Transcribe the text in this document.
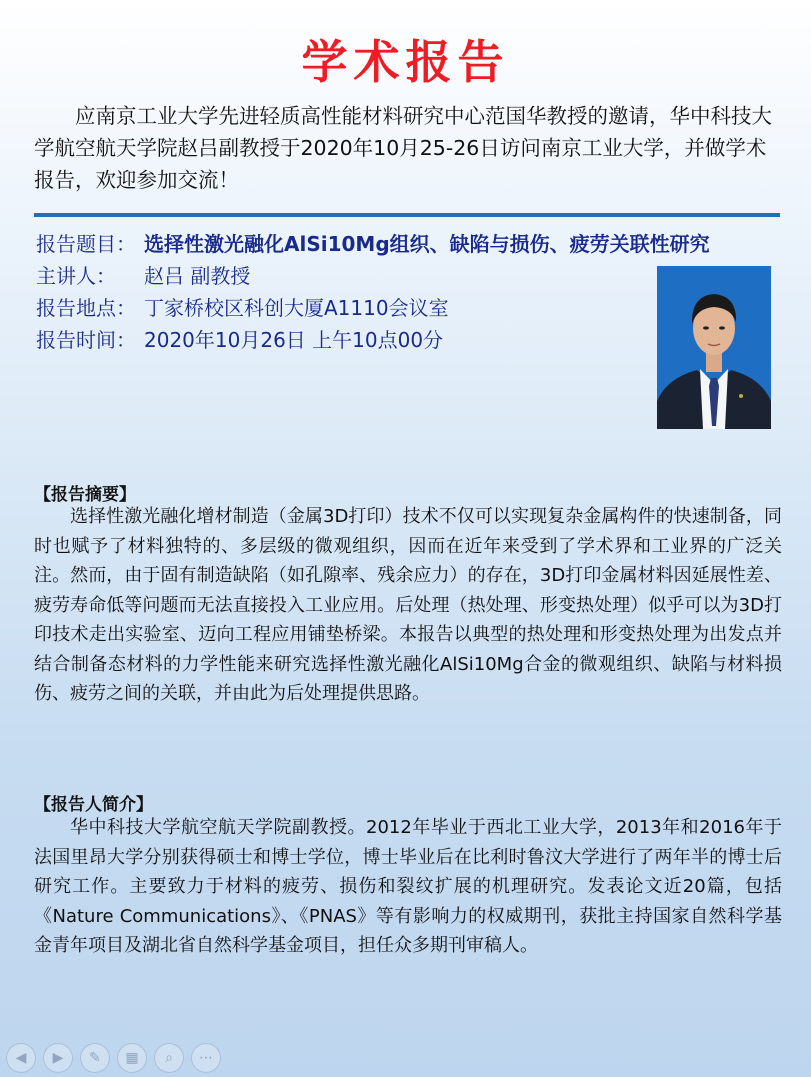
学术报告
应南京工业大学先进轻质高性能材料研究中心范国华教授的邀请，华中科技大学航空航天学院赵吕副教授于2020年10月25-26日访问南京工业大学，并做学术报告，欢迎参加交流！
报告题目： 选择性激光融化AlSi10Mg组织、缺陷与损伤、疲劳关联性研究
主讲人： 赵吕 副教授
报告地点： 丁家桥校区科创大厦A1110会议室
报告时间： 2020年10月26日 上午10点00分
【报告摘要】
选择性激光融化增材制造（金属3D打印）技术不仅可以实现复杂金属构件的快速制备，同时也赋予了材料独特的、多层级的微观组织，因而在近年来受到了学术界和工业界的广泛关注。然而，由于固有制造缺陷（如孔隙率、残余应力）的存在，3D打印金属材料因延展性差、疲劳寿命低等问题而无法直接投入工业应用。后处理（热处理、形变热处理）似乎可以为3D打印技术走出实验室、迈向工程应用铺垫桥梁。本报告以典型的热处理和形变热处理为出发点并结合制备态材料的力学性能来研究选择性激光融化AlSi10Mg合金的微观组织、缺陷与材料损伤、疲劳之间的关联，并由此为后处理提供思路。
【报告人简介】
华中科技大学航空航天学院副教授。2012年毕业于西北工业大学，2013年和2016年于法国里昂大学分别获得硕士和博士学位，博士毕业后在比利时鲁汶大学进行了两年半的博士后研究工作。主要致力于材料的疲劳、损伤和裂纹扩展的机理研究。发表论文近20篇，包括《Nature Communications》、《PNAS》等有影响力的权威期刊，获批主持国家自然科学基金青年项目及湖北省自然科学基金项目，担任众多期刊审稿人。
◀	▶	✎	▦	⌕	⋯
